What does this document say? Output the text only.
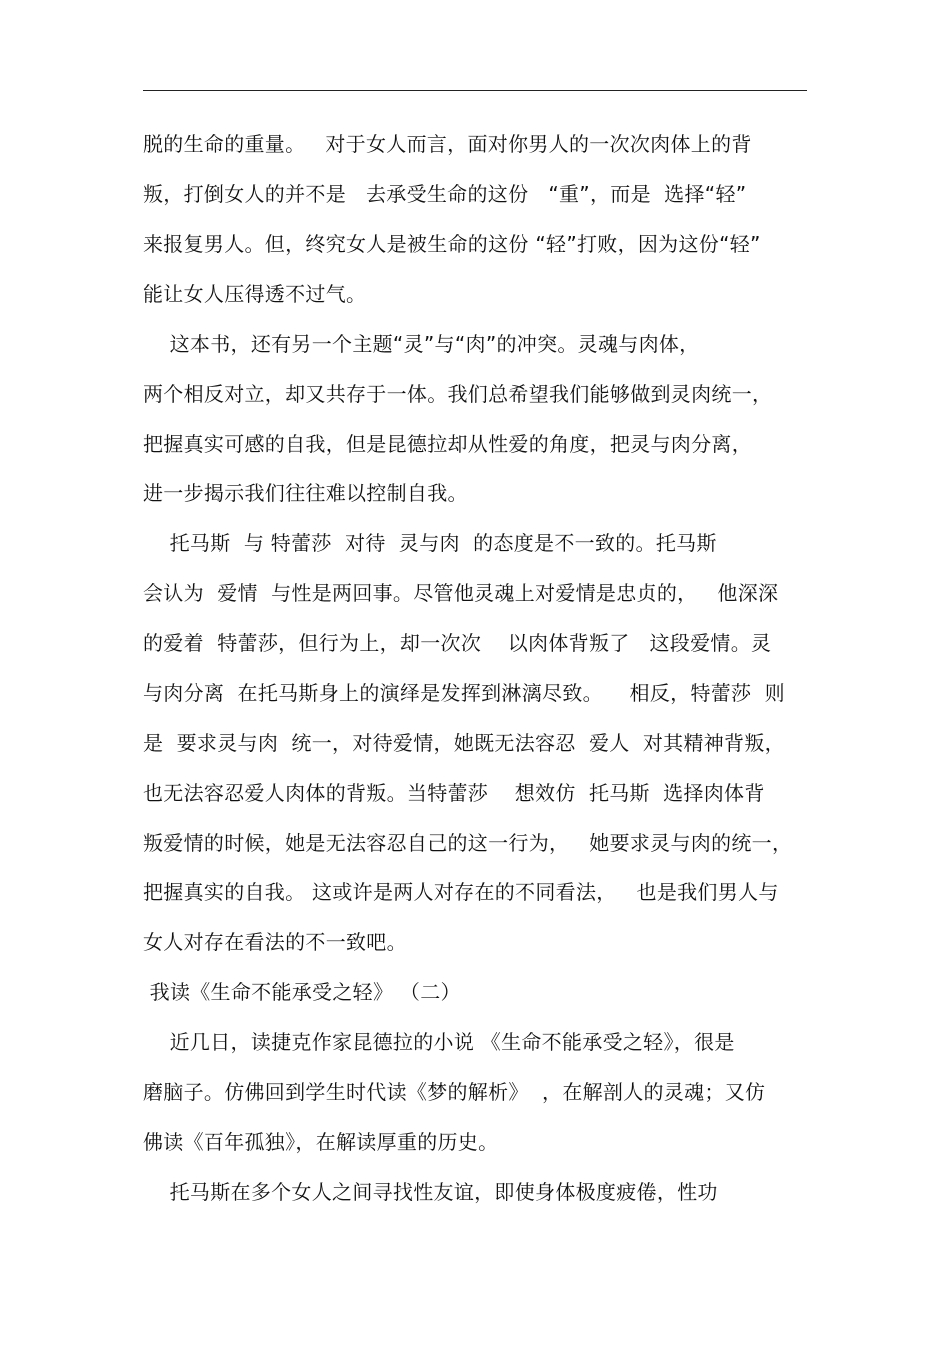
脱的生命的重量。   对于女人而言，面对你男人的一次次肉体上的背
叛，打倒女人的并不是   去承受生命的这份   “重”，而是  选择“轻”
来报复男人。但，终究女人是被生命的这份 “轻”打败，因为这份“轻”
能让女人压得透不过气。
这本书，还有另一个主题“灵”与“肉”的冲突。灵魂与肉体，
两个相反对立，却又共存于一体。我们总希望我们能够做到灵肉统一，
把握真实可感的自我，但是昆德拉却从性爱的角度，把灵与肉分离，
进一步揭示我们往往难以控制自我。
托马斯  与 特蕾莎  对待  灵与肉  的态度是不一致的。托马斯
会认为  爱情  与性是两回事。尽管他灵魂上对爱情是忠贞的，   他深深
的爱着  特蕾莎，但行为上，却一次次    以肉体背叛了   这段爱情。灵
与肉分离  在托马斯身上的演绎是发挥到淋漓尽致。    相反，特蕾莎  则
是  要求灵与肉  统一，对待爱情，她既无法容忍  爱人  对其精神背叛，
也无法容忍爱人肉体的背叛。当特蕾莎    想效仿  托马斯  选择肉体背
叛爱情的时候，她是无法容忍自己的这一行为，   她要求灵与肉的统一，
把握真实的自我。 这或许是两人对存在的不同看法，   也是我们男人与
女人对存在看法的不一致吧。
我读《生命不能承受之轻》 （二）
近几日，读捷克作家昆德拉的小说 《生命不能承受之轻》，很是
磨脑子。仿佛回到学生时代读《梦的解析》  ，在解剖人的灵魂；又仿
佛读《百年孤独》，在解读厚重的历史。
托马斯在多个女人之间寻找性友谊，即使身体极度疲倦，性功
